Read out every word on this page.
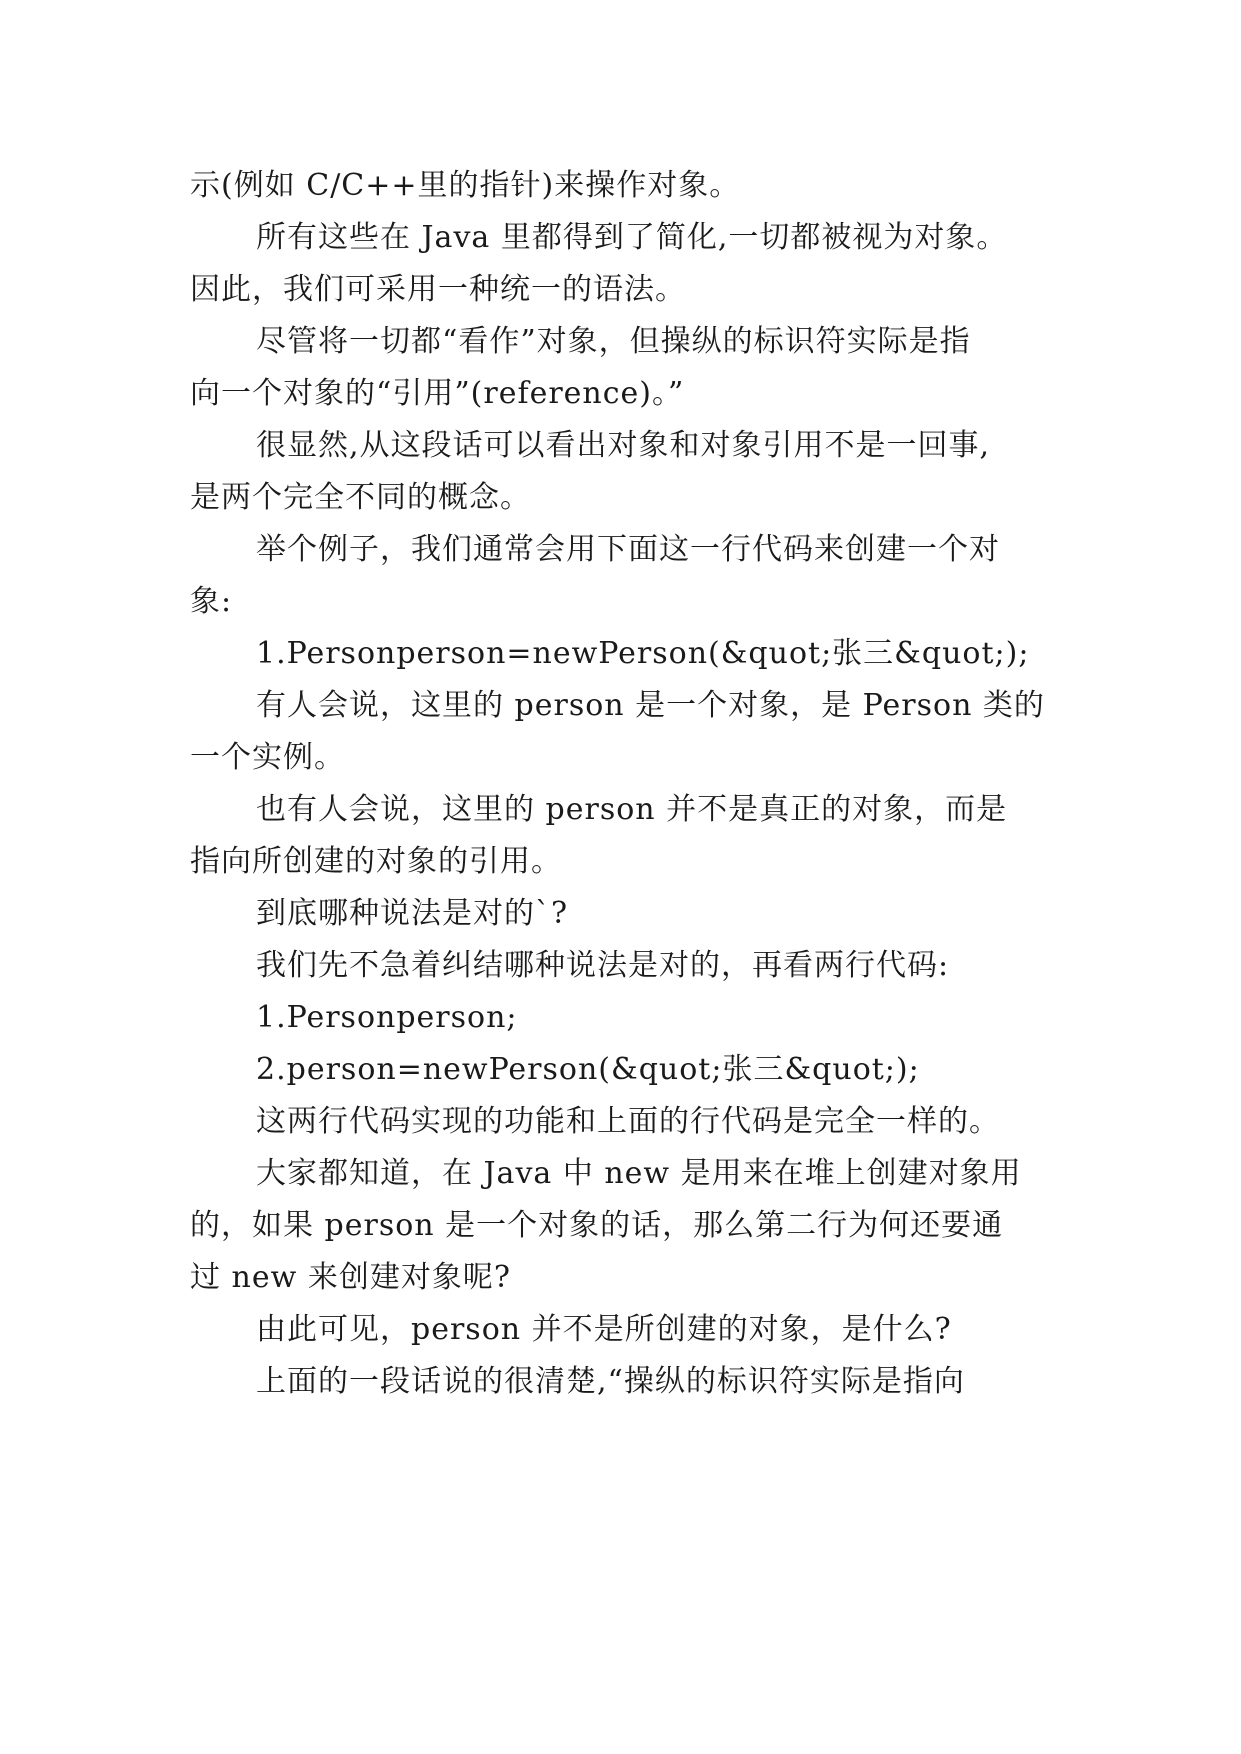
示(例如 C/C++里的指针)来操作对象。
所有这些在 Java 里都得到了简化,一切都被视为对象。
因此，我们可采用一种统一的语法。
尽管将一切都“看作”对象，但操纵的标识符实际是指
向一个对象的“引用”(reference)。”
很显然,从这段话可以看出对象和对象引用不是一回事,
是两个完全不同的概念。
举个例子，我们通常会用下面这一行代码来创建一个对
象:
1.Personperson=newPerson(&quot;张三&quot;);
有人会说，这里的 person 是一个对象，是 Person 类的
一个实例。
也有人会说，这里的 person 并不是真正的对象，而是
指向所创建的对象的引用。
到底哪种说法是对的`?
我们先不急着纠结哪种说法是对的，再看两行代码:
1.Personperson;
2.person=newPerson(&quot;张三&quot;);
这两行代码实现的功能和上面的行代码是完全一样的。
大家都知道，在 Java 中 new 是用来在堆上创建对象用
的，如果 person 是一个对象的话，那么第二行为何还要通
过 new 来创建对象呢?
由此可见，person 并不是所创建的对象，是什么?
上面的一段话说的很清楚,“操纵的标识符实际是指向
